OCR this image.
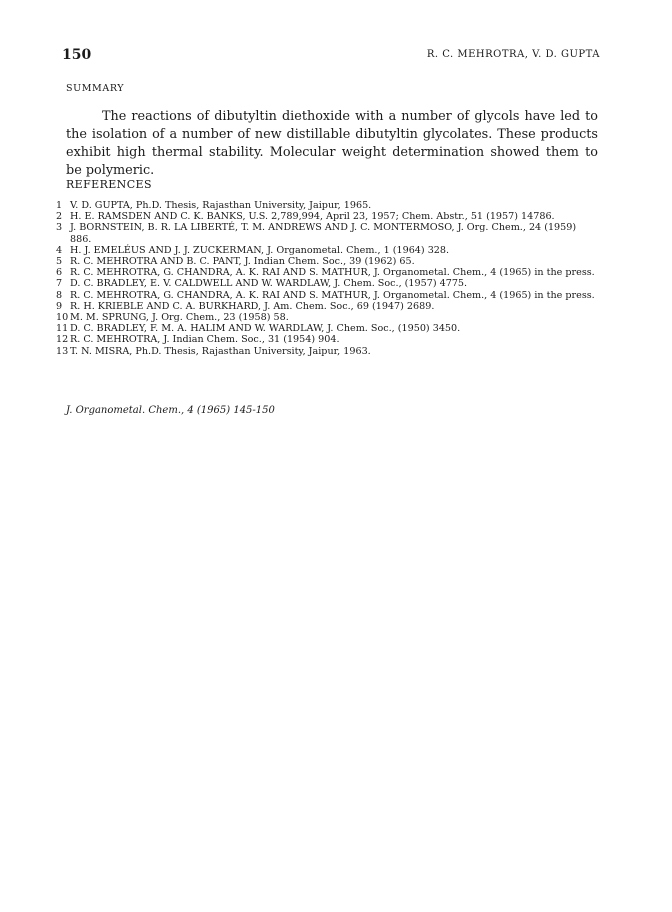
150	R. C. MEHROTRA, V. D. GUPTA
SUMMARY

The reactions of dibutyltin diethoxide with a number of glycols have led to the isolation of a number of new distillable dibutyltin glycolates. These products exhibit high thermal stability. Molecular weight determination showed them to be polymeric.

REFERENCES
1 V. D. GUPTA, Ph.D. Thesis, Rajasthan University, Jaipur, 1965.
2 H. E. RAMSDEN AND C. K. BANKS, U.S. 2,789,994, April 23, 1957; Chem. Abstr., 51 (1957) 14786.
3 J. BORNSTEIN, B. R. LA LIBERTÉ, T. M. ANDREWS AND J. C. MONTERMOSO, J. Org. Chem., 24 (1959) 886.
4 H. J. EMELÉUS AND J. J. ZUCKERMAN, J. Organometal. Chem., 1 (1964) 328.
5 R. C. MEHROTRA AND B. C. PANT, J. Indian Chem. Soc., 39 (1962) 65.
6 R. C. MEHROTRA, G. CHANDRA, A. K. RAI AND S. MATHUR, J. Organometal. Chem., 4 (1965) in the press.
7 D. C. BRADLEY, E. V. CALDWELL AND W. WARDLAW, J. Chem. Soc., (1957) 4775.
8 R. C. MEHROTRA, G. CHANDRA, A. K. RAI AND S. MATHUR, J. Organometal. Chem., 4 (1965) in the press.
9 R. H. KRIEBLE AND C. A. BURKHARD, J. Am. Chem. Soc., 69 (1947) 2689.
10 M. M. SPRUNG, J. Org. Chem., 23 (1958) 58.
11 D. C. BRADLEY, F. M. A. HALIM AND W. WARDLAW, J. Chem. Soc., (1950) 3450.
12 R. C. MEHROTRA, J. Indian Chem. Soc., 31 (1954) 904.
13 T. N. MISRA, Ph.D. Thesis, Rajasthan University, Jaipur, 1963.
J. Organometal. Chem., 4 (1965) 145-150
